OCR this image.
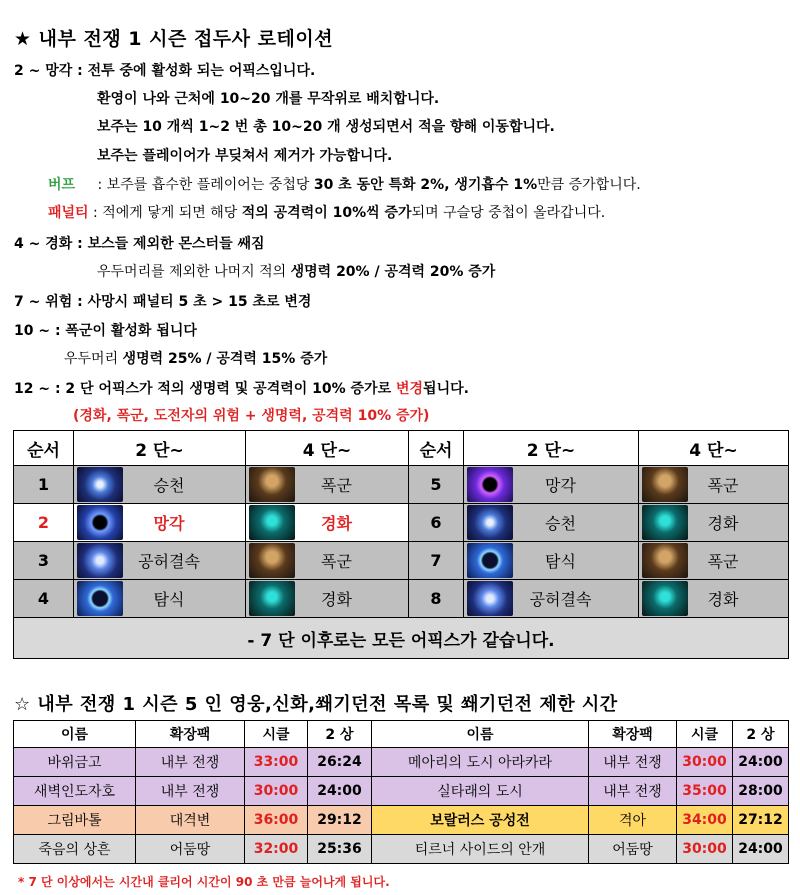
★ 내부 전쟁 1 시즌 접두사 로테이션
2 ~ 망각 : 전투 중에 활성화 되는 어픽스입니다.
환영이 나와 근처에 10~20 개를 무작위로 배치합니다.
보주는 10 개씩 1~2 번 총 10~20 개 생성되면서 적을 향해 이동합니다.
보주는 플레이어가 부딪쳐서 제거가 가능합니다.
버프 : 보주를 흡수한 플레이어는 중첩당 30 초 동안 특화 2%, 생기흡수 1%만큼 증가합니다.
패널티 : 적에게 닿게 되면 해당 적의 공격력이 10%씩 증가되며 구슬당 중첩이 올라갑니다.
4 ~ 경화 : 보스들 제외한 몬스터들 쌔짐
우두머리를 제외한 나머지 적의 생명력 20% / 공격력 20% 증가
7 ~ 위험 : 사망시 패널티 5 초 > 15 초로 변경
10 ~ : 폭군이 활성화 됩니다
우두머리 생명력 25% / 공격력 15% 증가
12 ~ : 2 단 어픽스가 적의 생명력 및 공격력이 10% 증가로 변경됩니다.
(경화, 폭군, 도전자의 위험 + 생명력, 공격력 10% 증가)
순서	2 단~	4 단~	순서	2 단~	4 단~
1	승천	폭군	5	망각	폭군

2	망각	경화	6	승천	경화

3	공허결속	폭군	7	탐식	폭군

4	탐식	경화	8	공허결속	경화

- 7 단 이후로는 모든 어픽스가 같습니다.					
☆ 내부 전쟁 1 시즌 5 인 영웅,신화,쐐기던전 목록 및 쐐기던전 제한 시간
이름	확장팩	시클	2 상	이름	확장팩	시클	2 상
바위금고	내부 전쟁	33:00	26:24	메아리의 도시 아라카라	내부 전쟁	30:00	24:00
새벽인도자호	내부 전쟁	30:00	24:00	실타래의 도시	내부 전쟁	35:00	28:00
그림바톨	대격변	36:00	29:12	보랄러스 공성전	격아	34:00	27:12
죽음의 상흔	어둠땅	32:00	25:36	티르너 사이드의 안개	어둠땅	30:00	24:00
* 7 단 이상에서는 시간내 클리어 시간이 90 초 만큼 늘어나게 됩니다.
